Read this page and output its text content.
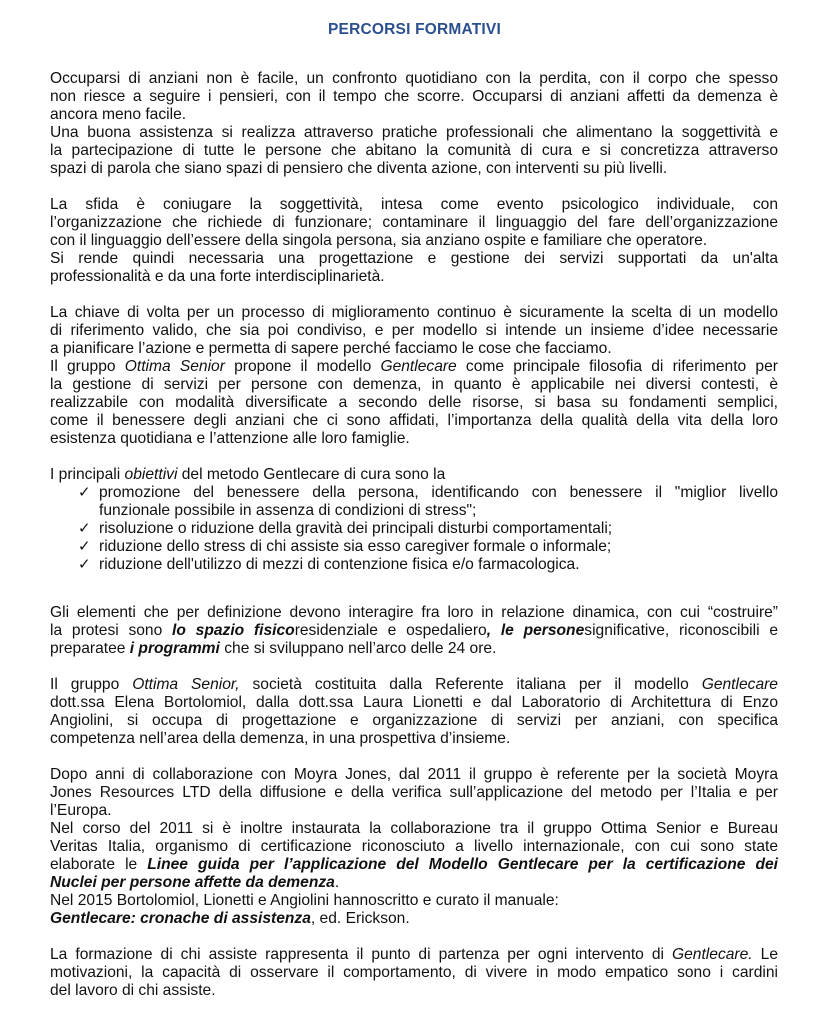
PERCORSI FORMATIVI

Occuparsi di anziani non è facile, un confronto quotidiano con la perdita, con il corpo che spesso

non riesce a seguire i pensieri, con il tempo che scorre. Occuparsi di anziani affetti da demenza è

ancora meno facile.

Una buona assistenza si realizza attraverso pratiche professionali che alimentano la soggettività e

la partecipazione di tutte le persone che abitano la comunità di cura e si concretizza attraverso

spazi di parola che siano spazi di pensiero che diventa azione, con interventi su più livelli.

La sfida è coniugare la soggettività, intesa come evento psicologico individuale, con

l’organizzazione che richiede di funzionare; contaminare il linguaggio del fare dell’organizzazione

con il linguaggio dell’essere della singola persona, sia anziano ospite e familiare che operatore.

Si rende quindi necessaria una progettazione e gestione dei servizi supportati da un'alta

professionalità e da una forte interdisciplinarietà.

La chiave di volta per un processo di miglioramento continuo è sicuramente la scelta di un modello

di riferimento valido, che sia poi condiviso, e per modello si intende un insieme d’idee necessarie

a pianificare l’azione e permetta di sapere perché facciamo le cose che facciamo.

Il gruppo Ottima Senior propone il modello Gentlecare come principale filosofia di riferimento per

la gestione di servizi per persone con demenza, in quanto è applicabile nei diversi contesti, è

realizzabile con modalità diversificate a secondo delle risorse, si basa su fondamenti semplici,

come il benessere degli anziani che ci sono affidati, l’importanza della qualità della vita della loro

esistenza quotidiana e l’attenzione alle loro famiglie.

I principali obiettivi del metodo Gentlecare di cura sono la

✓ promozione del benessere della persona, identificando con benessere il "miglior livello

funzionale possibile in assenza di condizioni di stress";

✓ risoluzione o riduzione della gravità dei principali disturbi comportamentali;

✓ riduzione dello stress di chi assiste sia esso caregiver formale o informale;

✓ riduzione dell'utilizzo di mezzi di contenzione fisica e/o farmacologica.

Gli elementi che per definizione devono interagire fra loro in relazione dinamica, con cui “costruire”

la protesi sono lo spazio fisicoresidenziale e ospedaliero, le personesignificative, riconoscibili e

preparatee i programmi che si sviluppano nell’arco delle 24 ore.

Il gruppo Ottima Senior, società costituita dalla Referente italiana per il modello Gentlecare

dott.ssa Elena Bortolomiol, dalla dott.ssa Laura Lionetti e dal Laboratorio di Architettura di Enzo

Angiolini, si occupa di progettazione e organizzazione di servizi per anziani, con specifica

competenza nell’area della demenza, in una prospettiva d’insieme.

Dopo anni di collaborazione con Moyra Jones, dal 2011 il gruppo è referente per la società Moyra

Jones Resources LTD della diffusione e della verifica sull’applicazione del metodo per l’Italia e per

l’Europa.

Nel corso del 2011 si è inoltre instaurata la collaborazione tra il gruppo Ottima Senior e Bureau

Veritas Italia, organismo di certificazione riconosciuto a livello internazionale, con cui sono state

elaborate le Linee guida per l’applicazione del Modello Gentlecare per la certificazione dei

Nuclei per persone affette da demenza.

Nel 2015 Bortolomiol, Lionetti e Angiolini hannoscritto e curato il manuale:

Gentlecare: cronache di assistenza, ed. Erickson.

La formazione di chi assiste rappresenta il punto di partenza per ogni intervento di Gentlecare. Le

motivazioni, la capacità di osservare il comportamento, di vivere in modo empatico sono i cardini

del lavoro di chi assiste.
